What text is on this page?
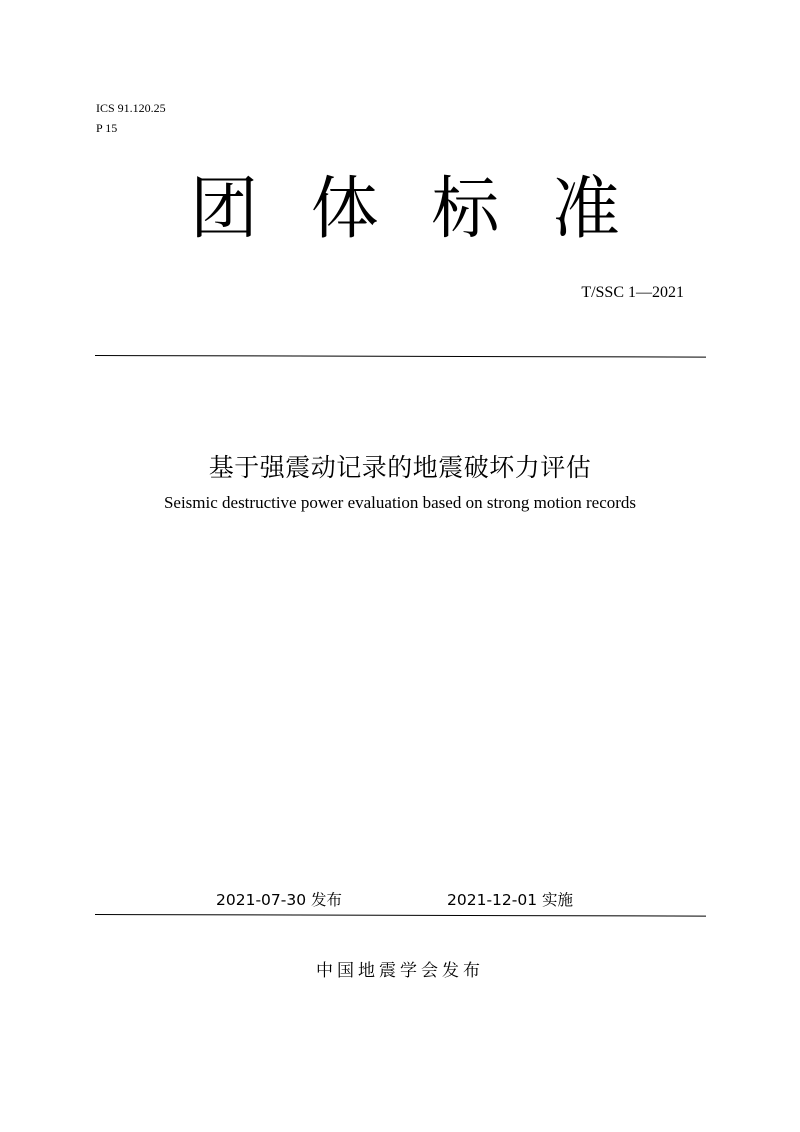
ICS 91.120.25
P 15
团 体 标 准
T/SSC 1—2021
基于强震动记录的地震破坏力评估
Seismic destructive power evaluation based on strong motion records
2021-07-30 发布	2021-12-01 实施
中国地震学会发布
